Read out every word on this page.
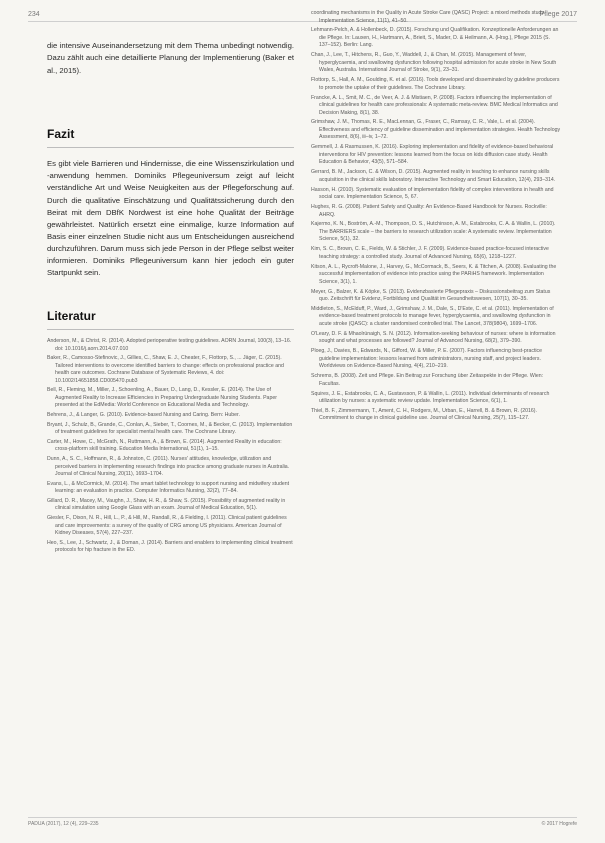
234	Pflege 2017

die intensive Auseinandersetzung mit dem Thema unbedingt notwendig. Dazu zählt auch eine detaillierte Planung der Implementierung (Baker et al., 2015).

Fazit

Es gibt viele Barrieren und Hindernisse, die eine Wissenszirkulation und -anwendung hemmen. Dominiks Pflegeuniversum zeigt auf leicht verständliche Art und Weise Neuigkeiten aus der Pflegeforschung auf. Durch die qualitative Einschätzung und Qualitätssicherung durch den Beirat mit dem DBfK Nordwest ist eine hohe Qualität der Beiträge gewährleistet. Natürlich ersetzt eine einmalige, kurze Information auf Basis einer einzelnen Studie nicht aus um Entscheidungen ausreichend durchzuführen. Darum muss sich jede Person in der Pflege selbst weiter informieren. Dominiks Pflegeuniversum kann hier jedoch ein guter Startpunkt sein.

Literatur

Anderson, M., & Christ, R. (2014). Adopted perioperative testing guidelines. AORN Journal, 100(3), 13–16. doi: 10.1016/j.aorn.2014.07.010

Baker, R., Camosso-Stefinovic, J., Gillies, C., Shaw, E. J., Cheater, F., Flottorp, S., ... Jäger, C. (2015). Tailored interventions to overcome identified barriers to change: effects on professional practice and health care outcomes. Cochrane Database of Systematic Reviews, 4. doi: 10.1002/14651858.CD005470.pub3

Bell, R., Fleming, M., Miller, J., Schoenling, A., Bauer, D., Lang, D., Kessler, E. (2014). The Use of Augmented Reality to Increase Efficiencies in Preparing Undergraduate Nursing Students. Paper presented at the EdMedia: World Conference on Educational Media and Technology.

Behrens, J., & Langer, G. (2010). Evidence-based Nursing and Caring. Bern: Huber.

Bryant, J., Schulz, B., Grande, C., Conlan, A., Sieber, T., Coornes, M., & Becker, C. (2013). Implementation of treatment guidelines for specialist mental health care. The Cochrane Library.

Carter, M., Howe, C., McGrath, N., Ruttmann, A., & Brown, E. (2014). Augmented Reality in education: cross-platform skill training. Education Media International, 51(1), 1–15.

Dunn, A., S. C., Hoffmann, R., & Johnston, C. (2011). Nurses' attitudes, knowledge, utilization and perceived barriers in implementing research findings into practice among graduate nurses in Australia. Journal of Clinical Nursing, 20(11), 1693–1704.

Evans, L., & McCormick, M. (2014). The smart tablet technology to support nursing and midwifery student learning: an evaluation in practice. Computer Informatics Nursing, 32(2), 77–84.

Gillard, D. R., Macey, M., Vaughn, J., Shaw, H. R., & Shaw, S. (2015). Possibility of augmented reality in clinical simulation using Google Glass with an exam. Journal of Medical Education, 5(1).

Giesler, F., Dixon, N. R., Hill, L., P., & Hill, M., Randall, R., & Fielding, I. (2011). Clinical patient guidelines and care improvements: a survey of the quality of CRG among US physicians. American Journal of Kidney Diseases, 57(4), 227–237.

Heo, S., Lee, J., Schwartz, J., & Doman, J. (2014). Barriers and enablers to implementing clinical treatment protocols for hip fracture in the ED.

coordinating mechanisms in the Quality in Acute Stroke Care (QASC) Project: a mixed methods study. Implementation Science, 11(1), 41–50.

Lehmann-Pelch, A. & Hollenbeck, D. (2015). Forschung und Qualifikation. Konzeptionelle Anforderungen an die Pflege. In: Lauxen, H., Hartmann, A., Brieit, S., Mader, D. & Heilmann, A. (Hrsg.), Pflege 2015 (S. 137–152). Berlin: Lang.

Chan, J., Lee, T., Hitchens, R., Guo, Y., Waddell, J., & Chan, M. (2015). Management of fever, hyperglycaemia, and swallowing dysfunction following hospital admission for acute stroke in New South Wales, Australia. International Journal of Stroke, 9(1), 23–31.

Flottorp, S., Hall, A. M., Goulding, K. et al. (2016). Tools developed and disseminated by guideline producers to promote the uptake of their guidelines. The Cochrane Library.

Francke, A. L., Smit, M. C., de Veer, A. J. & Mistiaen, P. (2008). Factors influencing the implementation of clinical guidelines for health care professionals: A systematic meta-review. BMC Medical Informatics and Decision Making, 8(1), 38.

Grimshaw, J. M., Thomas, R. E., MacLennan, G., Fraser, C., Ramsay, C. R., Vale, L. et al. (2004). Effectiveness and efficiency of guideline dissemination and implementation strategies. Health Technology Assessment, 8(6), iii–iv, 1–72.

Gemmell, J. & Rasmussen, K. (2016). Exploring implementation and fidelity of evidence-based behavioral interventions for HIV prevention: lessons learned from the focus on kids diffusion case study. Health Education & Behavior, 43(5), 571–584.

Gerrard, B. M., Jackson, C. & Wilson, D. (2015). Augmented reality in teaching to enhance nursing skills acquisition in the clinical skills laboratory. Interactive Technology and Smart Education, 12(4), 293–314.

Hasson, H. (2010). Systematic evaluation of implementation fidelity of complex interventions in health and social care. Implementation Science, 5, 67.

Hughes, R. G. (2008). Patient Safety and Quality: An Evidence-Based Handbook for Nurses. Rockville: AHRQ.

Kajermo, K. N., Boström, A.-M., Thompson, D. S., Hutchinson, A. M., Estabrooks, C. A. & Wallin, L. (2010). The BARRIERS scale – the barriers to research utilization scale: A systematic review. Implementation Science, 5(1), 32.

Kim, S. C., Brown, C. E., Fields, W. & Stichler, J. F. (2009). Evidence-based practice-focused interactive teaching strategy: a controlled study. Journal of Advanced Nursing, 65(6), 1218–1227.

Kitson, A. L., Rycroft-Malone, J., Harvey, G., McCormack, B., Seers, K. & Titchen, A. (2008). Evaluating the successful implementation of evidence into practice using the PARiHS framework. Implementation Science, 3(1), 1.

Meyer, G., Balzer, K. & Köpke, S. (2013). Evidenzbasierte Pflegepraxis – Diskussionsbeitrag zum Status quo. Zeitschrift für Evidenz, Fortbildung und Qualität im Gesundheitswesen, 107(1), 30–35.

Middleton, S., McElduff, P., Ward, J., Grimshaw, J. M., Dale, S., D'Este, C. et al. (2011). Implementation of evidence-based treatment protocols to manage fever, hyperglycaemia, and swallowing dysfunction in acute stroke (QASC): a cluster randomised controlled trial. The Lancet, 378(9804), 1699–1706.

O'Leary, D. F. & Mhaolrúnaigh, S. N. (2012). Information-seeking behaviour of nurses: where is information sought and what processes are followed? Journal of Advanced Nursing, 68(2), 379–390.

Ploeg, J., Davies, B., Edwards, N., Gifford, W. & Miller, P. E. (2007). Factors influencing best-practice guideline implementation: lessons learned from administrators, nursing staff, and project leaders. Worldviews on Evidence-Based Nursing, 4(4), 210–219.

Schrems, B. (2008). Zeit und Pflege. Ein Beitrag zur Forschung über Zeitaspekte in der Pflege. Wien: Facultas.

Squires, J. E., Estabrooks, C. A., Gustavsson, P. & Wallin, L. (2011). Individual determinants of research utilization by nurses: a systematic review update. Implementation Science, 6(1), 1.

Thiel, B. F., Zimmermann, T., Ament, C. H., Rodgers, M., Urban, E., Harrell, B. & Brown, R. (2016). Commitment to change in clinical guideline use. Journal of Clinical Nursing, 25(7), 115–127.

PADUA (2017), 12 (4), 229–235	© 2017 Hogrefe
